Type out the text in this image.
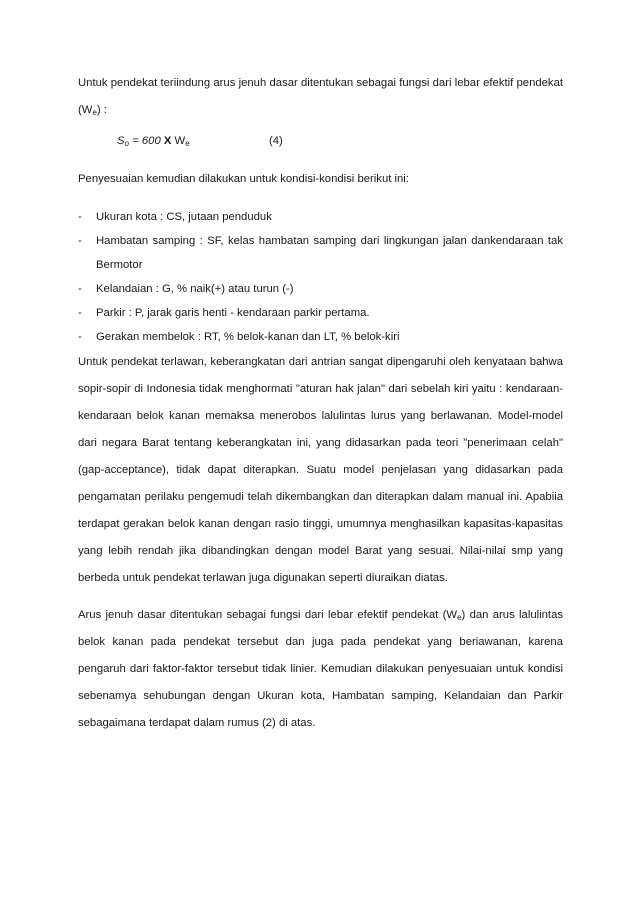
Untuk pendekat teriindung arus jenuh dasar ditentukan sebagai fungsi dari lebar efektif pendekat $(W_e)$ :

$S_o = 600$ X $W_e$	(4)

Penyesuaian kemudian dilakukan untuk kondisi-kondisi berikut ini:

- Ukuran kota : CS, jutaan penduduk
- Hambatan samping : SF, kelas hambatan samping dari lingkungan jalan dankendaraan tak Bermotor
- Kelandaian : G, % naik(+) atau turun (-)
- Parkir : P, jarak garis henti - kendaraan parkir pertama.
- Gerakan membelok : RT, % belok-kanan dan LT, % belok-kiri

Untuk pendekat terlawan, keberangkatan dari antrian sangat dipengaruhi oleh kenyataan bahwa sopir-sopir di Indonesia tidak menghormati "aturan hak jalan" dari sebelah kiri yaitu : kendaraan-kendaraan belok kanan memaksa menerobos lalulintas lurus yang berlawanan. Model-model dari negara Barat tentang keberangkatan ini, yang didasarkan pada teori "penerimaan celah" (gap-acceptance), tidak dapat diterapkan. Suatu model penjelasan yang didasarkan pada pengamatan perilaku pengemudi telah dikembangkan dan diterapkan dalam manual ini. Apabiia terdapat gerakan belok kanan dengan rasio tinggi, umumnya menghasilkan kapasitas-kapasitas yang lebih rendah jika dibandingkan dengan model Barat yang sesuai. Nilai-nilai smp yang berbeda untuk pendekat terlawan juga digunakan seperti diuraikan diatas.

Arus jenuh dasar ditentukan sebagai fungsi dari lebar efektif pendekat $(W_e)$ dan arus lalulintas belok kanan pada pendekat tersebut dan juga pada pendekat yang beriawanan, karena pengaruh dari faktor-faktor tersebut tidak linier. Kemudian dilakukan penyesuaian untuk kondisi sebenamya sehubungan dengan Ukuran kota, Hambatan samping, Kelandaian dan Parkir sebagaimana terdapat dalam rumus (2) di atas.
